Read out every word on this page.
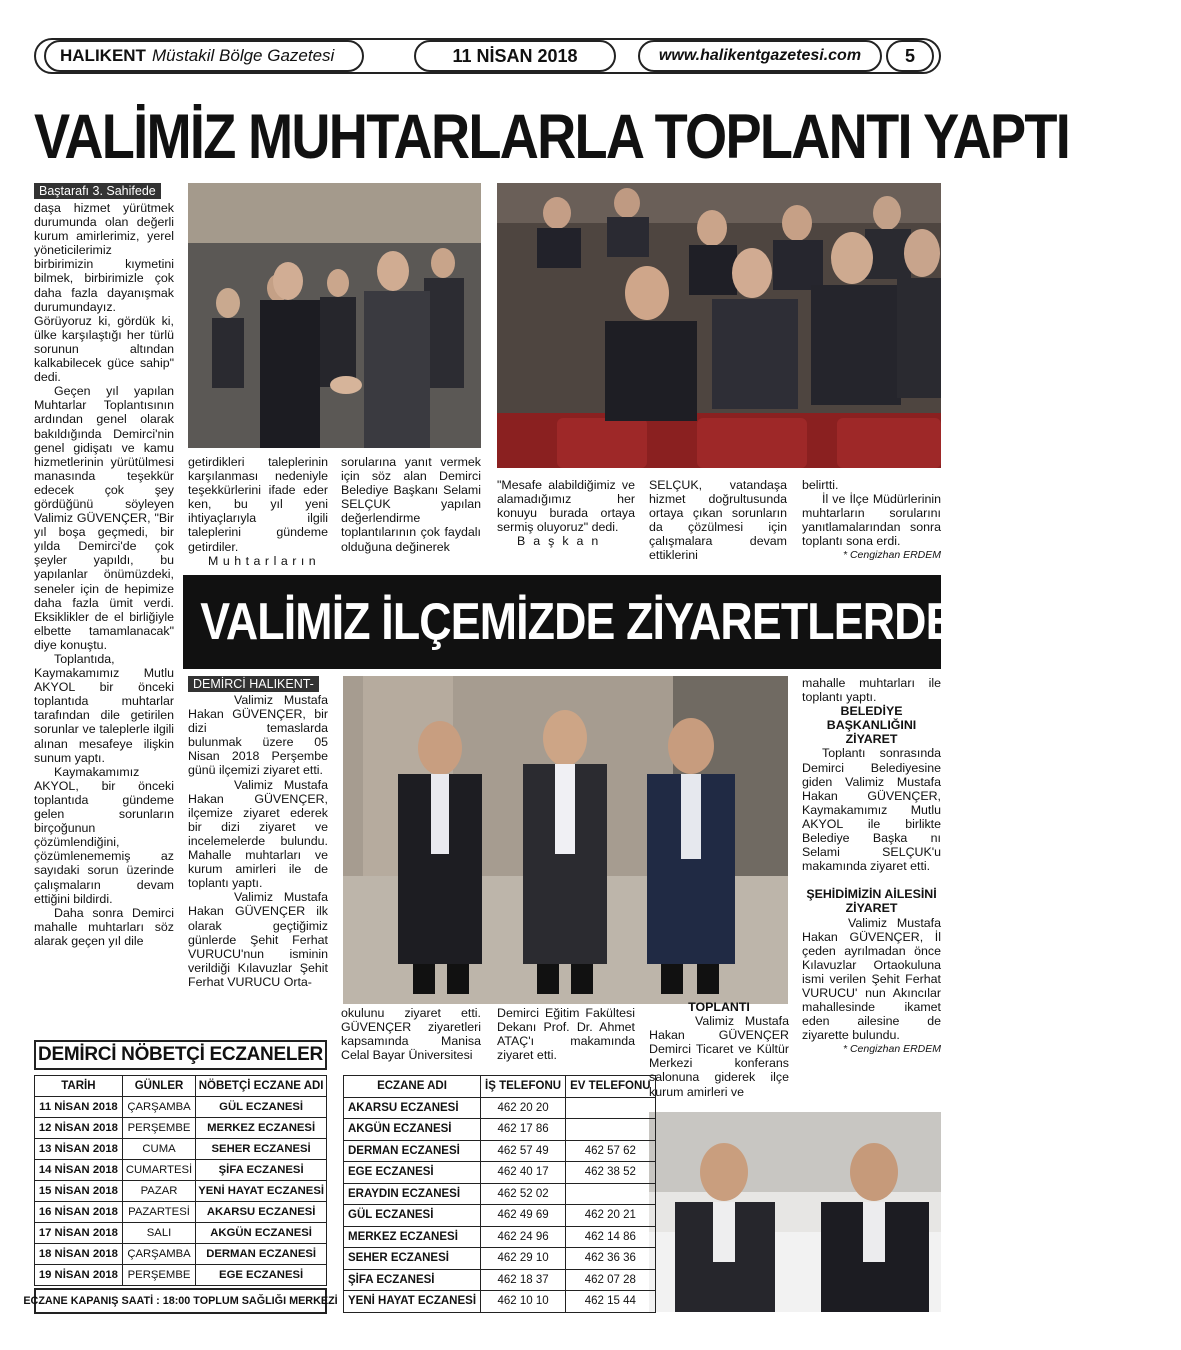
HALIKENT Müstakil Bölge Gazetesi	11 NİSAN 2018	www.halikentgazetesi.com	5
VALİMİZ MUHTARLARLA TOPLANTI YAPTI
Baştarafı 3. Sahifede

daşa hizmet yürütmek durumunda olan değerli kurum amirlerimiz, yerel yöneticilerimiz birbirimizin kıymetini bilmek, birbirimizle çok daha fazla dayanışmak durumundayız. Görüyoruz ki, gördük ki, ülke karşılaştığı her türlü sorunun altından kalkabilecek güce sahip" dedi.

Geçen yıl yapılan Muhtarlar Toplantısının ardından genel olarak bakıldığında Demirci'nin genel gidişatı ve kamu hizmetlerinin yürütülmesi manasında teşekkür edecek çok şey gördüğünü söyleyen Valimiz GÜVENÇER, "Bir yıl boşa geçmedi, bir yılda Demirci'de çok şeyler yapıldı, bu yapılanlar önümüzdeki, seneler için de hepimize daha fazla ümit verdi. Eksiklikler de el birliğiyle elbette tamamlanacak" diye konuştu.

Toplantıda, Kaymakamımız Mutlu AKYOL bir önceki toplantıda muhtarlar tarafından dile getirilen sorunlar ve taleplerle ilgili alınan mesafeye ilişkin sunum yaptı.

Kaymakamımız AKYOL, bir önceki toplantıda gündeme gelen sorunların birçoğunun çözümlendiğini, çözümlenememiş az sayıdaki sorun üzerinde çalışmaların devam ettiğini bildirdi.

Daha sonra Demirci mahalle muhtarları söz alarak geçen yıl dile

getirdikleri taleplerinin karşılanması nedeniyle teşekkürlerini ifade eder ken, bu yıl yeni ihtiyaçlarıyla ilgili taleplerini gündeme getirdiler.

Muhtarların

sorularına yanıt vermek için söz alan Demirci Belediye Başkanı Selami SELÇUK yapılan değerlendirme toplantılarının çok faydalı olduğuna değinerek

"Mesafe alabildiğimiz ve alamadığımız her konuyu burada ortaya sermiş oluyoruz" dedi.

Başkan

SELÇUK, vatandaşa hizmet doğrultusunda ortaya çıkan sorunların da çözülmesi için çalışmalara devam ettiklerini

belirtti.

İl ve İlçe Müdürlerinin muhtarların sorularını yanıtlamalarından sonra toplantı sona erdi.

* Cengizhan ERDEM
VALİMİZ İLÇEMİZDE ZİYARETLERDE BULUNDU
DEMİRCİ HALIKENT-

Valimiz Mustafa Hakan GÜVENÇER, bir dizi temaslarda bulunmak üzere 05 Nisan 2018 Perşembe günü ilçemizi ziyaret etti.

Valimiz Mustafa Hakan GÜVENÇER, ilçemize ziyaret ederek bir dizi ziyaret ve incelemelerde bulundu. Mahalle muhtarları ve kurum amirleri ile de toplantı yaptı.

Valimiz Mustafa Hakan GÜVENÇER ilk olarak geçtiğimiz günlerde Şehit Ferhat VURUCU'nun isminin verildiği Kılavuzlar Şehit Ferhat VURUCU Orta-

okulunu ziyaret etti. GÜVENÇER ziyaretleri kapsamında Manisa Celal Bayar Üniversitesi

Demirci Eğitim Fakültesi Dekanı Prof. Dr. Ahmet ATAÇ'ı makamında ziyaret etti.

TOPLANTI

Valimiz Mustafa Hakan GÜVENÇER Demirci Ticaret ve Kültür Merkezi konferans salonuna giderek ilçe kurum amirleri ve

mahalle muhtarları ile toplantı yaptı.

BELEDİYE BAŞKANLIĞINI ZİYARET

Toplantı sonrasında Demirci Belediyesine giden Valimiz Mustafa Hakan GÜVENÇER, Kaymakamımız Mutlu AKYOL ile birlikte Belediye Başka nı Selami SELÇUK'u makamında ziyaret etti.

ŞEHİDİMİZİN AİLESİNİ ZİYARET

Valimiz Mustafa Hakan GÜVENÇER, İl çeden ayrılmadan önce Kılavuzlar Ortaokuluna ismi verilen Şehit Ferhat VURUCU' nun Akıncılar mahallesinde ikamet eden ailesine de ziyarette bulundu.

* Cengizhan ERDEM
DEMİRCİ NÖBETÇİ ECZANELER
TARİH	GÜNLER	NÖBETÇİ ECZANE ADI
11 NİSAN 2018	ÇARŞAMBA	GÜL ECZANESİ
12 NİSAN 2018	PERŞEMBE	MERKEZ ECZANESİ
13 NİSAN 2018	CUMA	SEHER ECZANESİ
14 NİSAN 2018	CUMARTESİ	ŞİFA ECZANESİ
15 NİSAN 2018	PAZAR	YENİ HAYAT ECZANESİ
16 NİSAN 2018	PAZARTESİ	AKARSU ECZANESİ
17 NİSAN 2018	SALI	AKGÜN ECZANESİ
18 NİSAN 2018	ÇARŞAMBA	DERMAN ECZANESİ
19 NİSAN 2018	PERŞEMBE	EGE ECZANESİ
ECZANE KAPANIŞ SAATİ : 18:00 TOPLUM SAĞLIĞI MERKEZİ
ECZANE ADI	İŞ TELEFONU	EV TELEFONU
AKARSU ECZANESİ	462 20 20	
AKGÜN ECZANESİ	462 17 86	
DERMAN ECZANESİ	462 57 49	462 57 62
EGE ECZANESİ	462 40 17	462 38 52
ERAYDIN ECZANESİ	462 52 02	
GÜL ECZANESİ	462 49 69	462 20 21
MERKEZ ECZANESİ	462 24 96	462 14 86
SEHER ECZANESİ	462 29 10	462 36 36
ŞİFA ECZANESİ	462 18 37	462 07 28
YENİ HAYAT ECZANESİ	462 10 10	462 15 44
